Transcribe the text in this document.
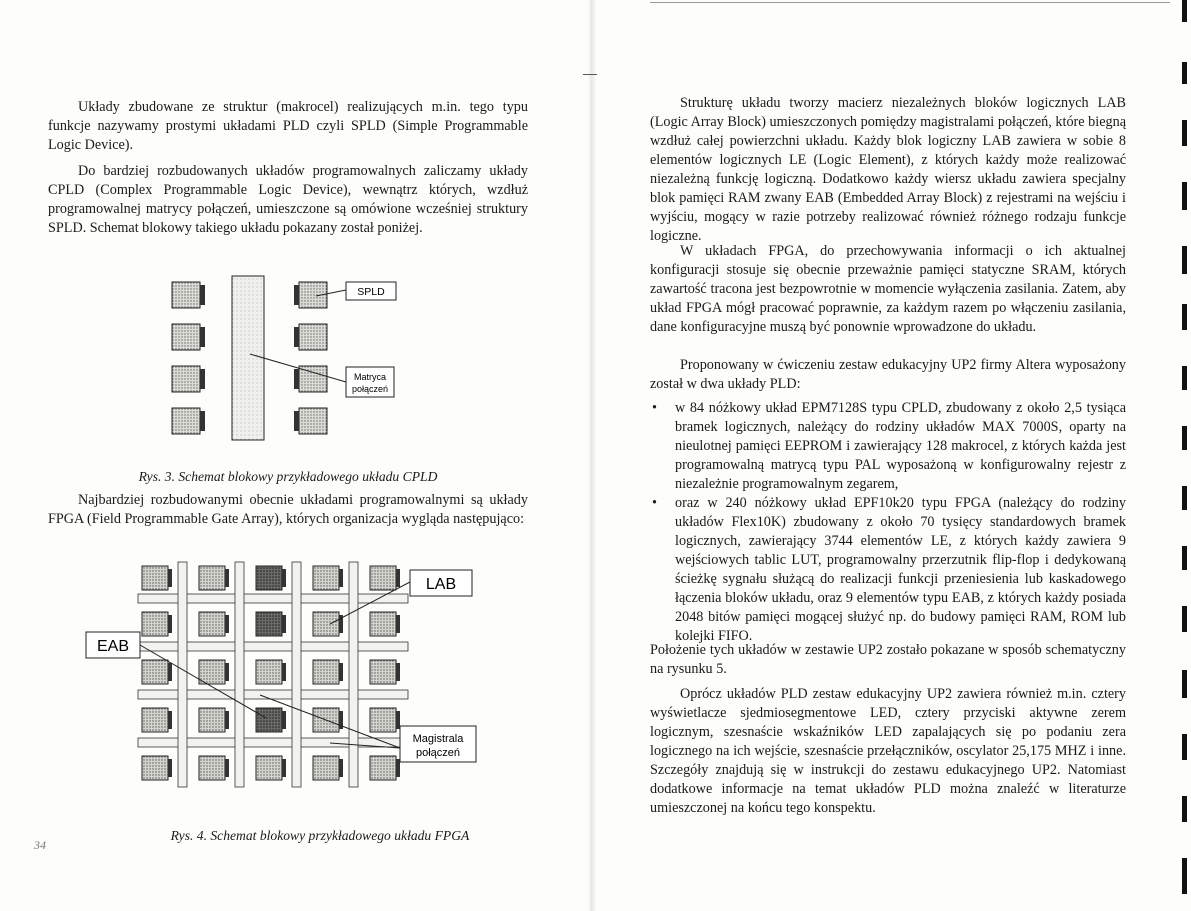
Układy zbudowane ze struktur (makrocel) realizujących m.in. tego typu funkcje nazywamy prostymi układami PLD czyli SPLD (Simple Programmable Logic Device).

Do bardziej rozbudowanych układów programowalnych zaliczamy układy CPLD (Complex Programmable Logic Device), wewnątrz których, wzdłuż programowalnej matrycy połączeń, umieszczone są omówione wcześniej struktury SPLD. Schemat blokowy takiego układu pokazany został poniżej.

SPLD
Matryca
połączeń
Rys. 3. Schemat blokowy przykładowego układu CPLD

Najbardziej rozbudowanymi obecnie układami programowalnymi są układy FPGA (Field Programmable Gate Array), których organizacja wygląda następująco:

LAB
EAB
Magistrala
połączeń
Rys. 4. Schemat blokowy przykładowego układu FPGA
34

Strukturę układu tworzy macierz niezależnych bloków logicznych LAB (Logic Array Block) umieszczonych pomiędzy magistralami połączeń, które biegną wzdłuż całej powierzchni układu. Każdy blok logiczny LAB zawiera w sobie 8 elementów logicznych LE (Logic Element), z których każdy może realizować niezależną funkcję logiczną. Dodatkowo każdy wiersz układu zawiera specjalny blok pamięci RAM zwany EAB (Embedded Array Block) z rejestrami na wejściu i wyjściu, mogący w razie potrzeby realizować również różnego rodzaju funkcje logiczne.

W układach FPGA, do przechowywania informacji o ich aktualnej konfiguracji stosuje się obecnie przeważnie pamięci statyczne SRAM, których zawartość tracona jest bezpowrotnie w momencie wyłączenia zasilania. Zatem, aby układ FPGA mógł pracować poprawnie, za każdym razem po włączeniu zasilania, dane konfiguracyjne muszą być ponownie wprowadzone do układu.

Proponowany w ćwiczeniu zestaw edukacyjny UP2 firmy Altera wyposażony został w dwa układy PLD:

• w 84 nóżkowy układ EPM7128S typu CPLD, zbudowany z około 2,5 tysiąca bramek logicznych, należący do rodziny układów MAX 7000S, oparty na nieulotnej pamięci EEPROM i zawierający 128 makrocel, z których każda jest programowalną matrycą typu PAL wyposażoną w konfigurowalny rejestr z niezależnie programowalnym zegarem,
• oraz w 240 nóżkowy układ EPF10k20 typu FPGA (należący do rodziny układów Flex10K) zbudowany z około 70 tysięcy standardowych bramek logicznych, zawierający 3744 elementów LE, z których każdy zawiera 9 wejściowych tablic LUT, programowalny przerzutnik flip-flop i dedykowaną ścieżkę sygnału służącą do realizacji funkcji przeniesienia lub kaskadowego łączenia bloków układu, oraz 9 elementów typu EAB, z których każdy posiada 2048 bitów pamięci mogącej służyć np. do budowy pamięci RAM, ROM lub kolejki FIFO.

Położenie tych układów w zestawie UP2 zostało pokazane w sposób schematyczny na rysunku 5.

Oprócz układów PLD zestaw edukacyjny UP2 zawiera również m.in. cztery wyświetlacze sjedmiosegmentowe LED, cztery przyciski aktywne zerem logicznym, szesnaście wskaźników LED zapalających się po podaniu zera logicznego na ich wejście, szesnaście przełączników, oscylator 25,175 MHZ i inne. Szczegóły znajdują się w instrukcji do zestawu edukacyjnego UP2. Natomiast dodatkowe informacje na temat układów PLD można znaleźć w literaturze umieszczonej na końcu tego konspektu.
